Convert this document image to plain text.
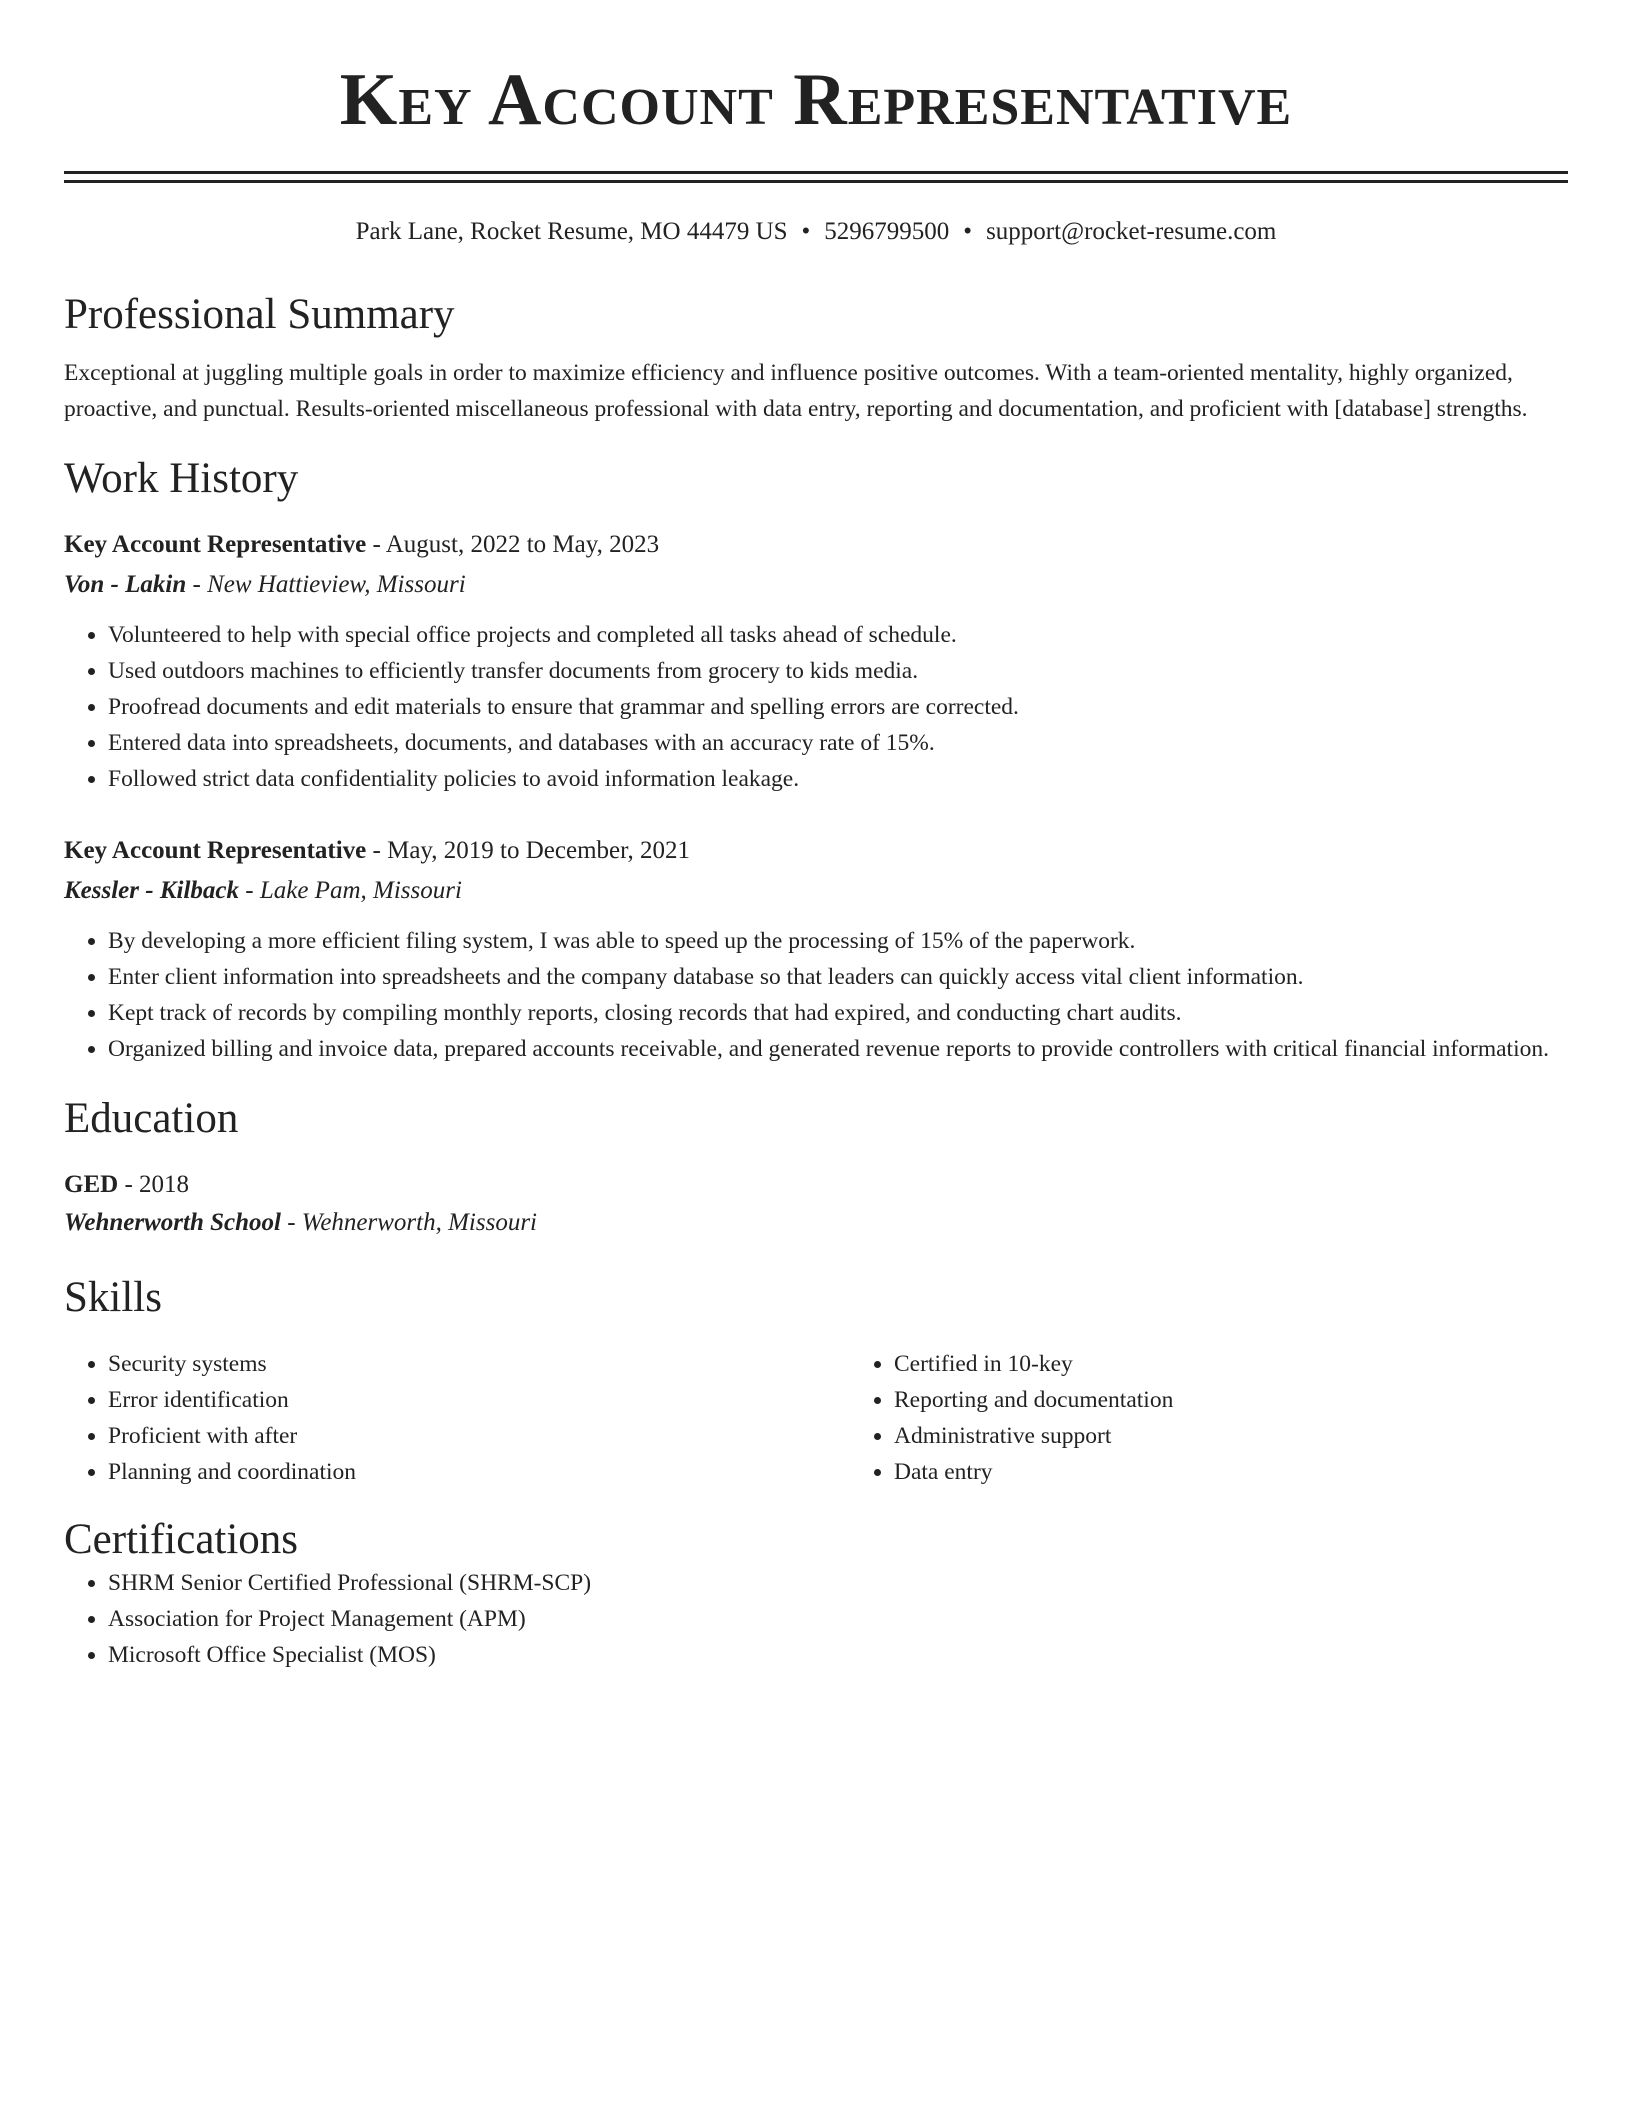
Key Account Representative
Park Lane, Rocket Resume, MO 44479 US • 5296799500 • support@rocket-resume.com
Professional Summary
Exceptional at juggling multiple goals in order to maximize efficiency and influence positive outcomes. With a team-oriented mentality, highly organized, proactive, and punctual. Results-oriented miscellaneous professional with data entry, reporting and documentation, and proficient with [database] strengths.
Work History
Key Account Representative - August, 2022 to May, 2023
Von - Lakin - New Hattieview, Missouri
• Volunteered to help with special office projects and completed all tasks ahead of schedule.
• Used outdoors machines to efficiently transfer documents from grocery to kids media.
• Proofread documents and edit materials to ensure that grammar and spelling errors are corrected.
• Entered data into spreadsheets, documents, and databases with an accuracy rate of 15%.
• Followed strict data confidentiality policies to avoid information leakage.
Key Account Representative - May, 2019 to December, 2021
Kessler - Kilback - Lake Pam, Missouri
• By developing a more efficient filing system, I was able to speed up the processing of 15% of the paperwork.
• Enter client information into spreadsheets and the company database so that leaders can quickly access vital client information.
• Kept track of records by compiling monthly reports, closing records that had expired, and conducting chart audits.
• Organized billing and invoice data, prepared accounts receivable, and generated revenue reports to provide controllers with critical financial information.
Education
GED - 2018
Wehnerworth School - Wehnerworth, Missouri
Skills
• Security systems
• Error identification
• Proficient with after
• Planning and coordination
• Certified in 10-key
• Reporting and documentation
• Administrative support
• Data entry
Certifications
• SHRM Senior Certified Professional (SHRM-SCP)
• Association for Project Management (APM)
• Microsoft Office Specialist (MOS)
